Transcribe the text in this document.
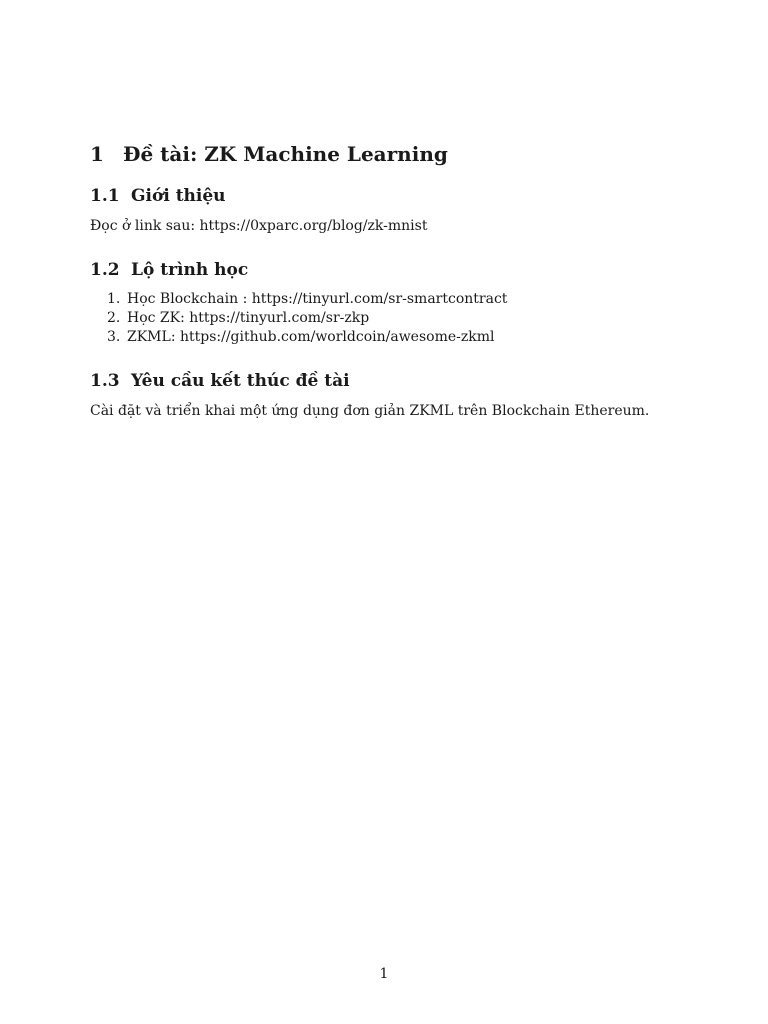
1 Đề tài: ZK Machine Learning
1.1 Giới thiệu

Đọc ở link sau: https://0xparc.org/blog/zk-mnist

1.2 Lộ trình học
1. Học Blockchain : https://tinyurl.com/sr-smartcontract
2. Học ZK: https://tinyurl.com/sr-zkp
3. ZKML: https://github.com/worldcoin/awesome-zkml
1.3 Yêu cầu kết thúc đề tài

Cài đặt và triển khai một ứng dụng đơn giản ZKML trên Blockchain Ethereum.

1
